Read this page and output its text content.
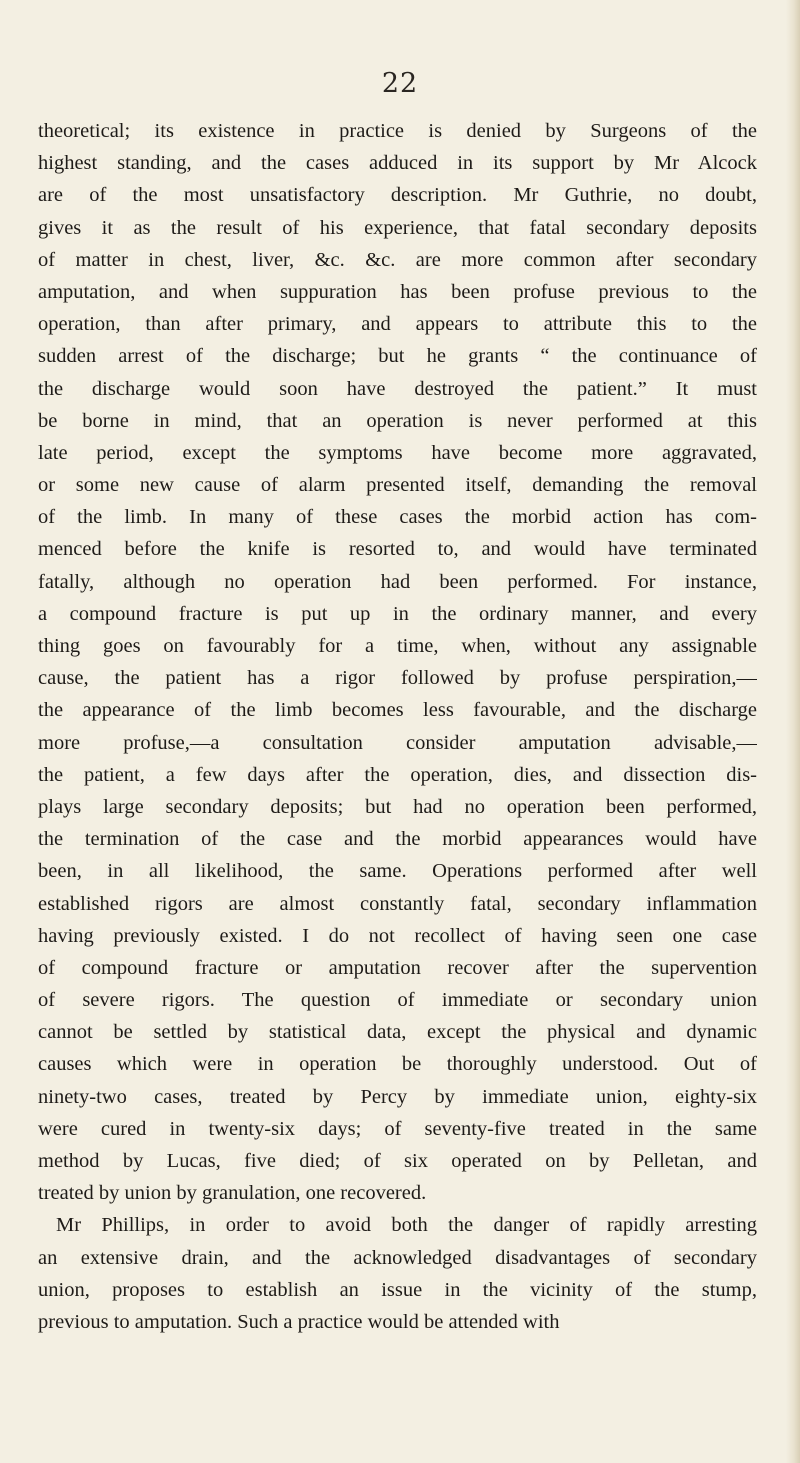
22
theoretical; its existence in practice is denied by Surgeons of the
highest standing, and the cases adduced in its support by Mr Alcock
are of the most unsatisfactory description. Mr Guthrie, no doubt,
gives it as the result of his experience, that fatal secondary deposits
of matter in chest, liver, &c. &c. are more common after secondary
amputation, and when suppuration has been profuse previous to the
operation, than after primary, and appears to attribute this to the
sudden arrest of the discharge; but he grants “ the continuance of
the discharge would soon have destroyed the patient.” It must
be borne in mind, that an operation is never performed at this
late period, except the symptoms have become more aggravated,
or some new cause of alarm presented itself, demanding the removal
of the limb. In many of these cases the morbid action has com-
menced before the knife is resorted to, and would have terminated
fatally, although no operation had been performed. For instance,
a compound fracture is put up in the ordinary manner, and every
thing goes on favourably for a time, when, without any assignable
cause, the patient has a rigor followed by profuse perspiration,—
the appearance of the limb becomes less favourable, and the discharge
more profuse,—a consultation consider amputation advisable,—
the patient, a few days after the operation, dies, and dissection dis-
plays large secondary deposits; but had no operation been performed,
the termination of the case and the morbid appearances would have
been, in all likelihood, the same. Operations performed after well
established rigors are almost constantly fatal, secondary inflammation
having previously existed. I do not recollect of having seen one case
of compound fracture or amputation recover after the supervention
of severe rigors. The question of immediate or secondary union
cannot be settled by statistical data, except the physical and dynamic
causes which were in operation be thoroughly understood. Out of
ninety-two cases, treated by Percy by immediate union, eighty-six
were cured in twenty-six days; of seventy-five treated in the same
method by Lucas, five died; of six operated on by Pelletan, and
treated by union by granulation, one recovered.
Mr Phillips, in order to avoid both the danger of rapidly arresting
an extensive drain, and the acknowledged disadvantages of secondary
union, proposes to establish an issue in the vicinity of the stump,
previous to amputation. Such a practice would be attended with
